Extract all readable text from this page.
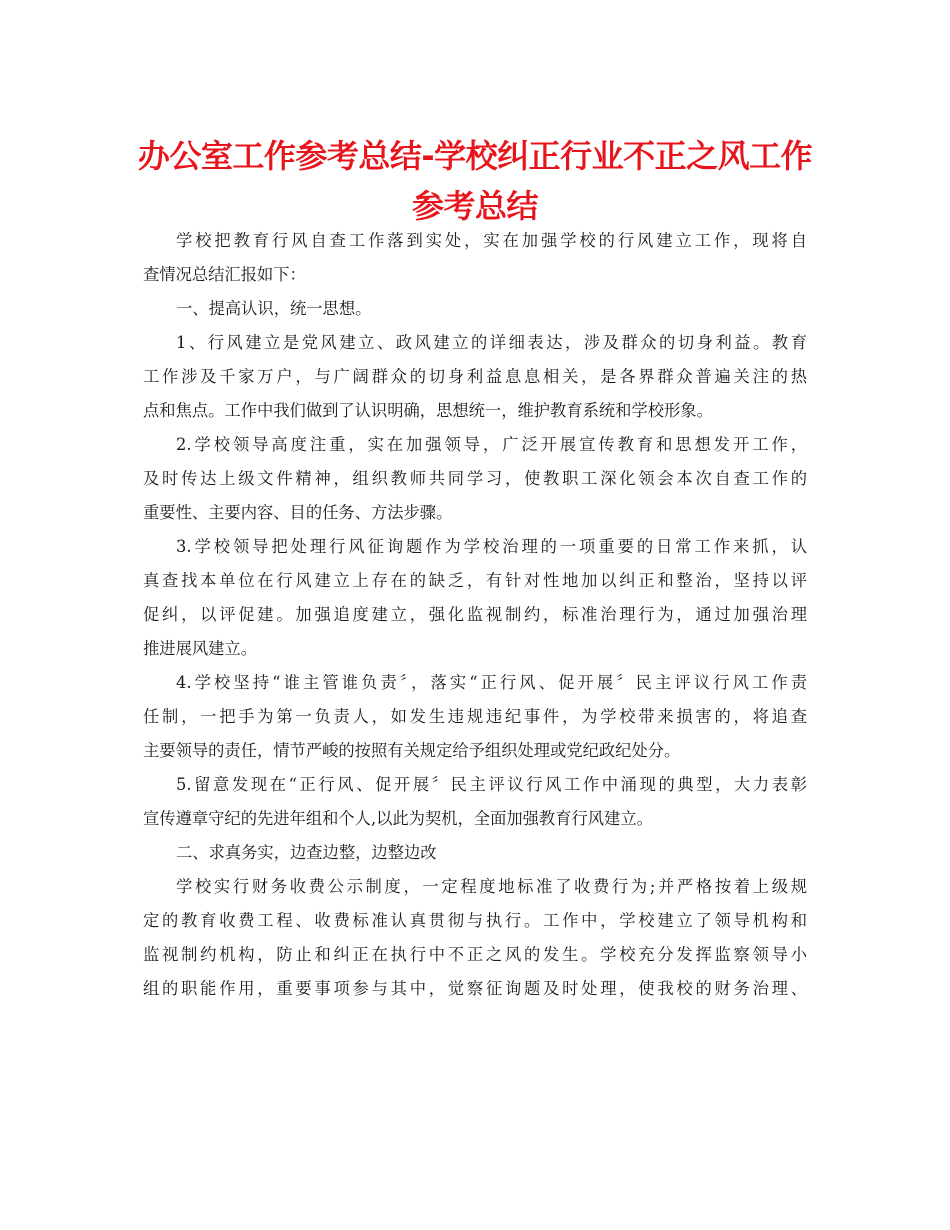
办公室工作参考总结-学校纠正行业不正之风工作
参考总结
学校把教育行风自查工作落到实处，实在加强学校的行风建立工作，现将自
查情况总结汇报如下：
一、提高认识，统一思想。
1、行风建立是党风建立、政风建立的详细表达，涉及群众的切身利益。教育
工作涉及千家万户，与广阔群众的切身利益息息相关，是各界群众普遍关注的热
点和焦点。工作中我们做到了认识明确，思想统一，维护教育系统和学校形象。
2.学校领导高度注重，实在加强领导，广泛开展宣传教育和思想发开工作，
及时传达上级文件精神，组织教师共同学习，使教职工深化领会本次自查工作的
重要性、主要内容、目的任务、方法步骤。
3.学校领导把处理行风征询题作为学校治理的一项重要的日常工作来抓，认
真查找本单位在行风建立上存在的缺乏，有针对性地加以纠正和整治，坚持以评
促纠，以评促建。加强追度建立，强化监视制约，标准治理行为，通过加强治理
推进展风建立。
4.学校坚持“谁主管谁负责〞，落实“正行风、促开展〞民主评议行风工作责
任制，一把手为第一负责人，如发生违规违纪事件，为学校带来损害的，将追查
主要领导的责任，情节严峻的按照有关规定给予组织处理或党纪政纪处分。
5.留意发现在“正行风、促开展〞民主评议行风工作中涌现的典型，大力表彰
宣传遵章守纪的先进年组和个人,以此为契机，全面加强教育行风建立。
二、求真务实，边查边整，边整边改
学校实行财务收费公示制度，一定程度地标准了收费行为;并严格按着上级规
定的教育收费工程、收费标准认真贯彻与执行。工作中，学校建立了领导机构和
监视制约机构，防止和纠正在执行中不正之风的发生。学校充分发挥监察领导小
组的职能作用，重要事项参与其中，觉察征询题及时处理，使我校的财务治理、
